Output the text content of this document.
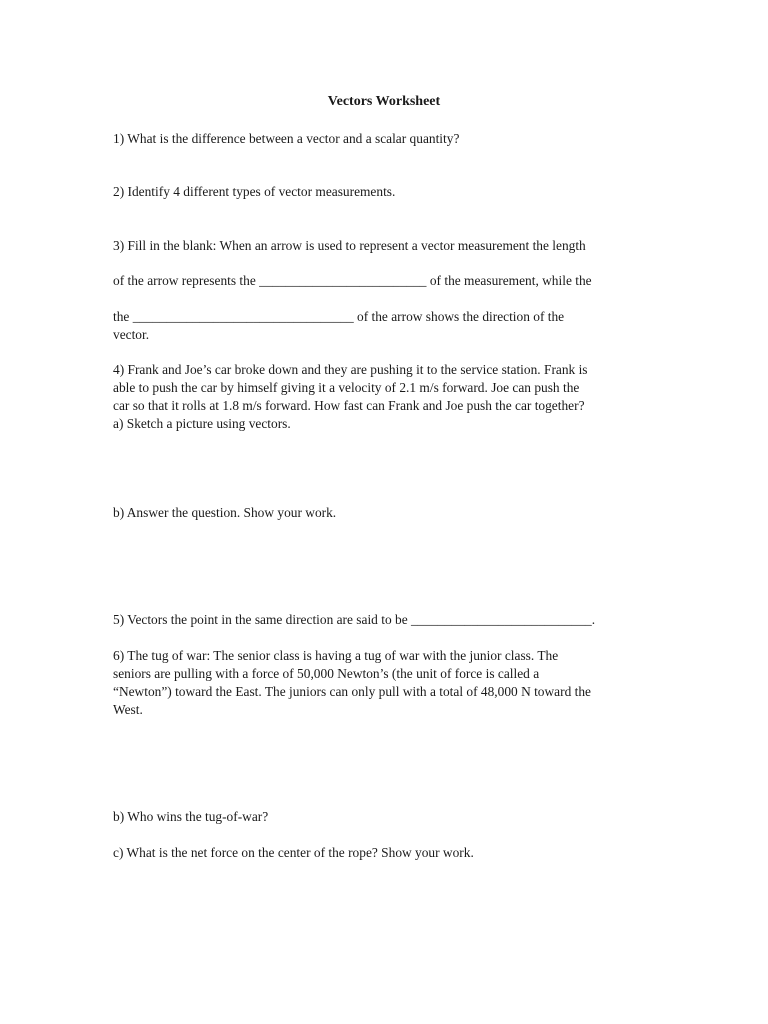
Vectors Worksheet
1) What is the difference between a vector and a scalar quantity?
2) Identify 4 different types of vector measurements.
3) Fill in the blank: When an arrow is used to represent a vector measurement the length
of the arrow represents the _________________________ of the measurement, while the
the _________________________________ of the arrow shows the direction of the
vector.
4) Frank and Joe’s car broke down and they are pushing it to the service station. Frank is
able to push the car by himself giving it a velocity of 2.1 m/s forward. Joe can push the
car so that it rolls at 1.8 m/s forward. How fast can Frank and Joe push the car together?
a) Sketch a picture using vectors.
b) Answer the question. Show your work.
5) Vectors the point in the same direction are said to be ___________________________.
6) The tug of war: The senior class is having a tug of war with the junior class. The
seniors are pulling with a force of 50,000 Newton’s (the unit of force is called a
“Newton”) toward the East. The juniors can only pull with a total of 48,000 N toward the
West.
b) Who wins the tug-of-war?
c) What is the net force on the center of the rope? Show your work.
